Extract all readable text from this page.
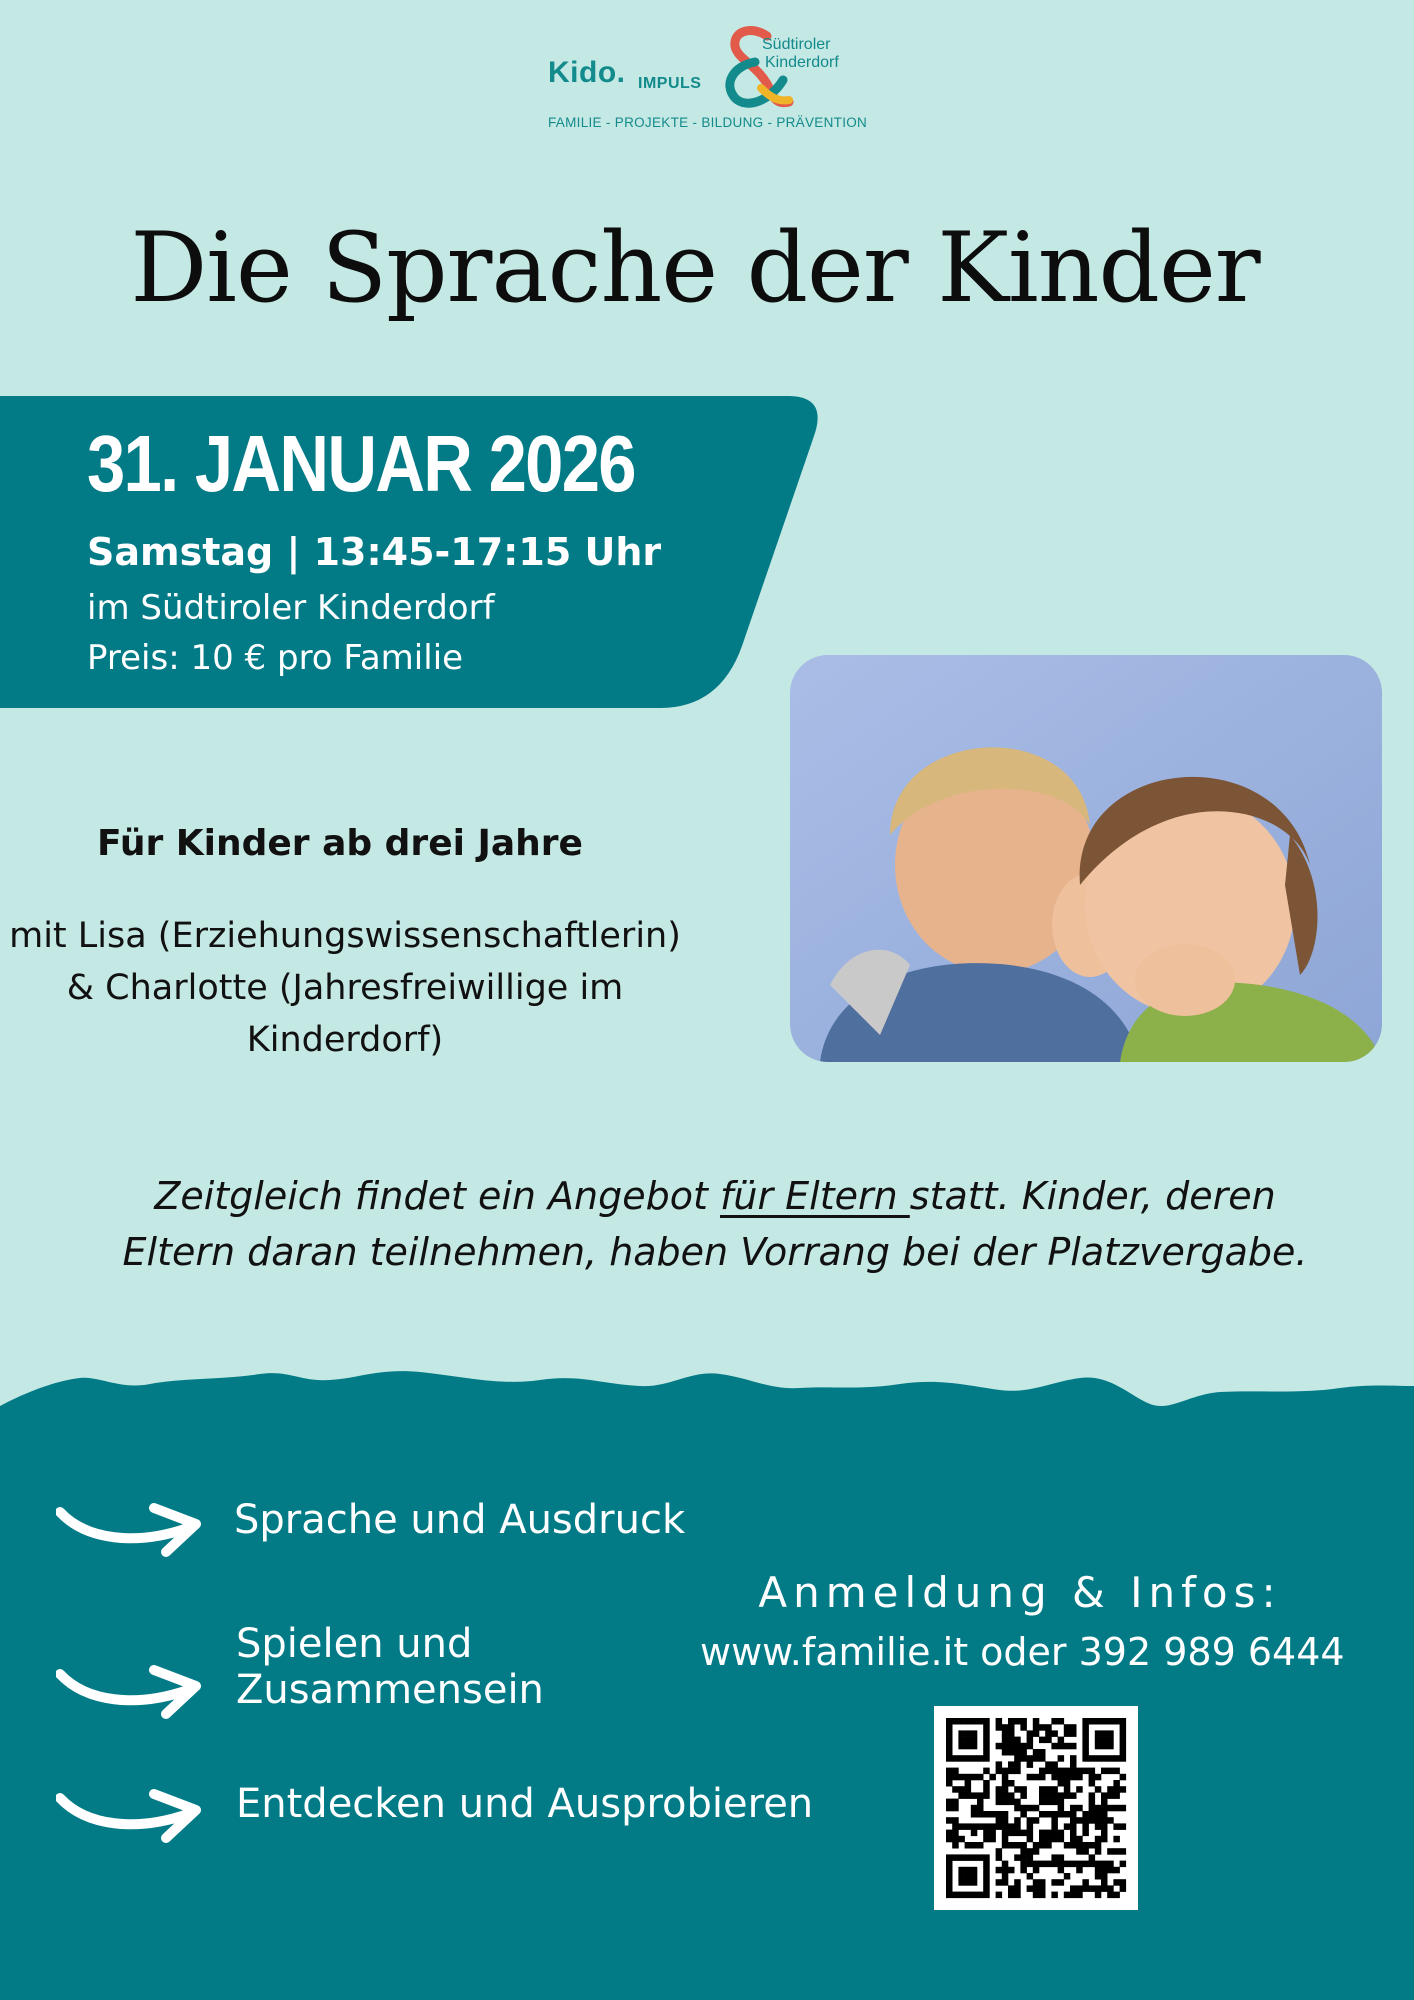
Kido. IMPULS
Südtiroler
Kinderdorf
FAMILIE - PROJEKTE - BILDUNG - PRÄVENTION
Die Sprache der Kinder
31. JANUAR 2026
Samstag | 13:45-17:15 Uhr
im Südtiroler Kinderdorf
Preis: 10 € pro Familie
Für Kinder ab drei Jahre
mit Lisa (Erziehungswissenschaftlerin)
& Charlotte (Jahresfreiwillige im
Kinderdorf)
Zeitgleich findet ein Angebot für Eltern statt. Kinder, deren
Eltern daran teilnehmen, haben Vorrang bei der Platzvergabe.
Sprache und Ausdruck
Spielen und
Zusammensein
Entdecken und Ausprobieren
Anmeldung & Infos:
www.familie.it oder 392 989 6444
